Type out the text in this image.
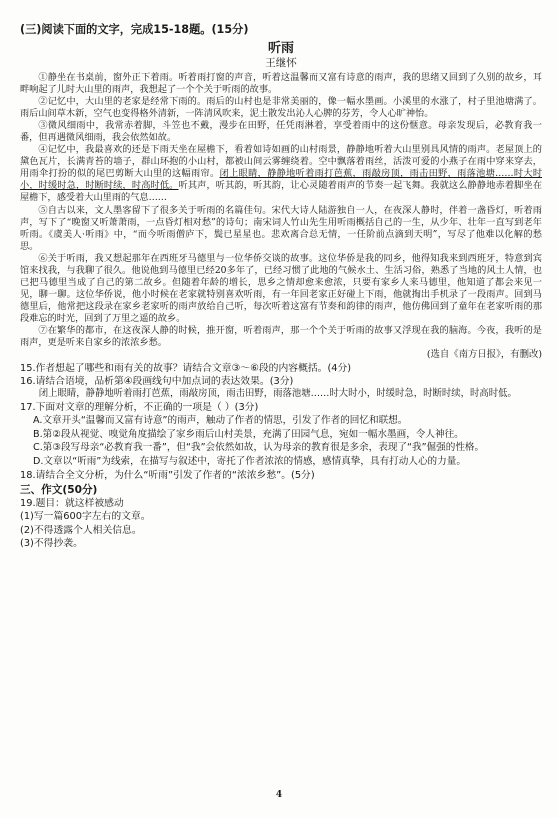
(三)阅读下面的文字，完成15-18题。(15分)
听雨
王继怀

①静坐在书桌前，窗外正下着雨。听着雨打窗的声音，听着这温馨而又富有诗意的雨声，我的思绪又回到了久别的故乡，耳畔响起了儿时大山里的雨声，我想起了一个个关于听雨的故事。

②记忆中，大山里的老家是经常下雨的。雨后的山村也是非常美丽的，像一幅水墨画。小溪里的水涨了，村子里池塘满了。雨后山间草木新，空气也变得格外清新，一阵清风吹来，泥土散发出沁人心脾的芬芳，令人心旷神怡。

③微风细雨中，我常赤着脚，斗笠也不戴，漫步在田野，任凭雨淋着，享受着雨中的这份惬意。母亲发现后，必教育我一番，但再遇微风细雨，我会依然如故。

④记忆中，我最喜欢的还是下雨天坐在屋檐下，看着如诗如画的山村雨景，静静地听着大山里别具风情的雨声。老屋顶上的黛色瓦片，长满青苔的墙子，群山环抱的小山村，都被山间云雾缠绕着。空中飘落着雨丝，活泼可爱的小燕子在雨中穿来穿去，用雨伞打扮的似的尾巴剪断大山里的这幅雨帘。闭上眼睛，静静地听着雨打芭蕉，雨敲房顶，雨击田野，雨落池塘……时大时小，时缓时急，时断时续，时高时低。听其声，听其韵，听其韵，让心灵随着雨声的节奏一起飞舞。我就这么静静地赤着脚坐在屋檐下，感受着大山里雨的气息……

⑤自古以来，文人墨客留下了很多关于听雨的名篇佳句。宋代大诗人陆游独自一人，在夜深人静时，伴着一盏昏灯，听着雨声，写下了“晚窗又听萧萧雨，一点昏灯相对愁”的诗句；南宋词人竹山先生用听雨概括自己的一生，从少年、壮年一直写到老年听雨。《虞美人·听雨》中，“而今听雨僧庐下，鬓已星星也。悲欢离合总无情，一任阶前点滴到天明”，写尽了他难以化解的愁思。

⑥关于听雨，我又想起那年在西班牙马德里与一位华侨交谈的故事。这位华侨是我的同乡，他得知我来到西班牙，特意到宾馆来找我，与我聊了很久。他说他到马德里已经20多年了，已经习惯了此地的气候水土、生活习俗，熟悉了当地的风土人情，也已把马德里当成了自己的第二故乡。但随着年龄的增长，思乡之情却愈来愈浓，只要有家乡人来马德里，他知道了都会来见一见，聊一聊。这位华侨说，他小时候在老家就特别喜欢听雨，有一年回老家正好碰上下雨，他就掏出手机录了一段雨声。回到马德里后，他常把这段录在家乡老家听的雨声放给自己听，每次听着这富有节奏和韵律的雨声，他仿佛回到了童年在老家听雨的那段难忘的时光，回到了万里之遥的故乡。

⑦在繁华的都市，在这夜深人静的时候，推开窗，听着雨声，那一个个关于听雨的故事又浮现在我的脑海。今夜，我听的是雨声，更是听来自家乡的浓浓乡愁。

(选自《南方日报》，有删改)
15.作者想起了哪些和雨有关的故事？请结合文章③～⑥段的内容概括。(4分)
16.请结合语境，品析第④段画线句中加点词的表达效果。(3分)
闭上眼睛，静静地听着雨打芭蕉，雨敲房顶，雨击田野，雨落池塘……时大时小，时缓时急，时断时续，时高时低。
17.下面对文章的理解分析，不正确的一项是（ ）(3分)
A.文章开头“温馨而又富有诗意”的雨声，触动了作者的情思，引发了作者的回忆和联想。
B.第②段从视觉、嗅觉角度描绘了家乡雨后山村美景，充满了田园气息，宛如一幅水墨画，令人神往。
C.第③段写母亲“必教育我一番”，但“我”会依然如故，认为母亲的教育很是多余，表现了“我”倔强的性格。
D.文章以“听雨”为线索，在描写与叙述中，寄托了作者浓浓的情感，感情真挚，具有打动人心的力量。
18.请结合全文分析，为什么“听雨”引发了作者的“浓浓乡愁”。(5分)
三、作文(50分)
19.题目：就这样被感动
(1)写一篇600字左右的文章。
(2)不得透露个人相关信息。
(3)不得抄袭。
4
